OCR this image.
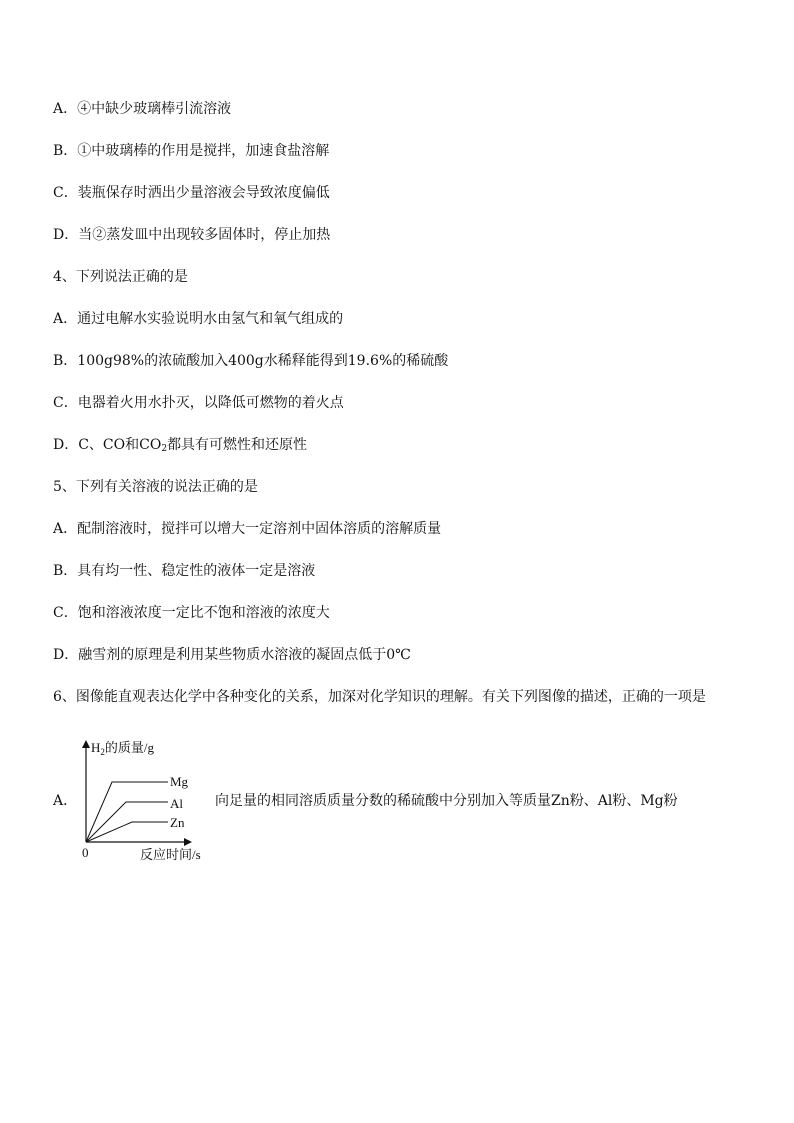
A．④中缺少玻璃棒引流溶液
B．①中玻璃棒的作用是搅拌，加速食盐溶解
C．装瓶保存时洒出少量溶液会导致浓度偏低
D．当②蒸发皿中出现较多固体时，停止加热
4、下列说法正确的是
A．通过电解水实验说明水由氢气和氧气组成的
B．100g98%的浓硫酸加入400g水稀释能得到19.6%的稀硫酸
C．电器着火用水扑灭，以降低可燃物的着火点
D．C、CO和$CO_2$都具有可燃性和还原性
5、下列有关溶液的说法正确的是
A．配制溶液时，搅拌可以增大一定溶剂中固体溶质的溶解质量
B．具有均一性、稳定性的液体一定是溶液
C．饱和溶液浓度一定比不饱和溶液的浓度大
D．融雪剂的原理是利用某些物质水溶液的凝固点低于0℃
6、图像能直观表达化学中各种变化的关系，加深对化学知识的理解。有关下列图像的描述，正确的一项是
A．
$H_2$的质量/g
0	反应时间/s
Mg
Al
Zn
向足量的相同溶质质量分数的稀硫酸中分别加入等质量Zn粉、Al粉、Mg粉
